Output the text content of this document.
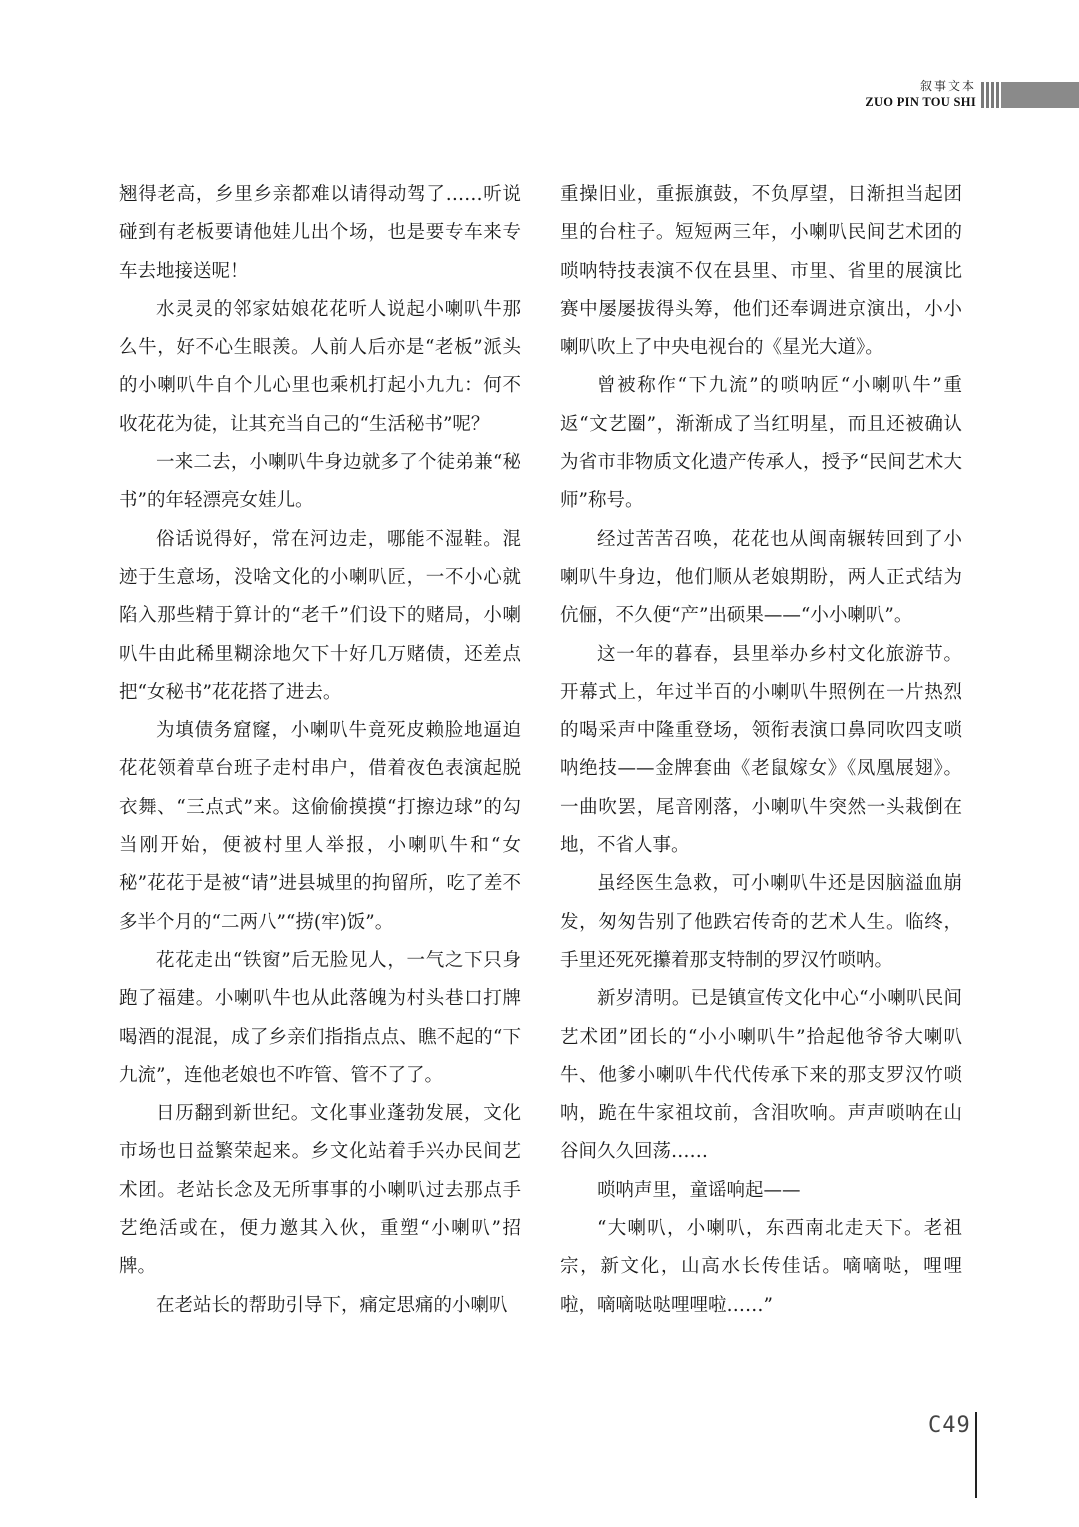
叙事文本
ZUO PIN TOU SHI

翘得老高，乡里乡亲都难以请得动驾了……听说碰到有老板要请他娃儿出个场，也是要专车来专车去地接送呢！

水灵灵的邻家姑娘花花听人说起小喇叭牛那么牛，好不心生眼羡。人前人后亦是“老板”派头的小喇叭牛自个儿心里也乘机打起小九九：何不收花花为徒，让其充当自己的“生活秘书”呢？

一来二去，小喇叭牛身边就多了个徒弟兼“秘书”的年轻漂亮女娃儿。

俗话说得好，常在河边走，哪能不湿鞋。混迹于生意场，没啥文化的小喇叭匠，一不小心就陷入那些精于算计的“老千”们设下的赌局，小喇叭牛由此稀里糊涂地欠下十好几万赌债，还差点把“女秘书”花花搭了进去。

为填债务窟窿，小喇叭牛竟死皮赖脸地逼迫花花领着草台班子走村串户，借着夜色表演起脱衣舞、“三点式”来。这偷偷摸摸“打擦边球”的勾当刚开始，便被村里人举报，小喇叭牛和“女秘”花花于是被“请”进县城里的拘留所，吃了差不多半个月的“二两八”“捞(牢)饭”。

花花走出“铁窗”后无脸见人，一气之下只身跑了福建。小喇叭牛也从此落魄为村头巷口打牌喝酒的混混，成了乡亲们指指点点、瞧不起的“下九流”，连他老娘也不咋管、管不了了。

日历翻到新世纪。文化事业蓬勃发展，文化市场也日益繁荣起来。乡文化站着手兴办民间艺术团。老站长念及无所事事的小喇叭过去那点手艺绝活或在，便力邀其入伙，重塑“小喇叭”招牌。

在老站长的帮助引导下，痛定思痛的小喇叭

重操旧业，重振旗鼓，不负厚望，日渐担当起团里的台柱子。短短两三年，小喇叭民间艺术团的唢呐特技表演不仅在县里、市里、省里的展演比赛中屡屡拔得头筹，他们还奉调进京演出，小小喇叭吹上了中央电视台的《星光大道》。

曾被称作“下九流”的唢呐匠“小喇叭牛”重返“文艺圈”，渐渐成了当红明星，而且还被确认为省市非物质文化遗产传承人，授予“民间艺术大师”称号。

经过苦苦召唤，花花也从闽南辗转回到了小喇叭牛身边，他们顺从老娘期盼，两人正式结为伉俪，不久便“产”出硕果——“小小喇叭”。

这一年的暮春，县里举办乡村文化旅游节。开幕式上，年过半百的小喇叭牛照例在一片热烈的喝采声中隆重登场，领衔表演口鼻同吹四支唢呐绝技——金牌套曲《老鼠嫁女》《凤凰展翅》。一曲吹罢，尾音刚落，小喇叭牛突然一头栽倒在地，不省人事。

虽经医生急救，可小喇叭牛还是因脑溢血崩发，匆匆告别了他跌宕传奇的艺术人生。临终，手里还死死攥着那支特制的罗汉竹唢呐。

新岁清明。已是镇宣传文化中心“小喇叭民间艺术团”团长的“小小喇叭牛”拾起他爷爷大喇叭牛、他爹小喇叭牛代代传承下来的那支罗汉竹唢呐，跪在牛家祖坟前，含泪吹响。声声唢呐在山谷间久久回荡……

唢呐声里，童谣响起——

“大喇叭，小喇叭，东西南北走天下。老祖宗，新文化，山高水长传佳话。嘀嘀哒，哩哩啦，嘀嘀哒哒哩哩啦……”

C49
